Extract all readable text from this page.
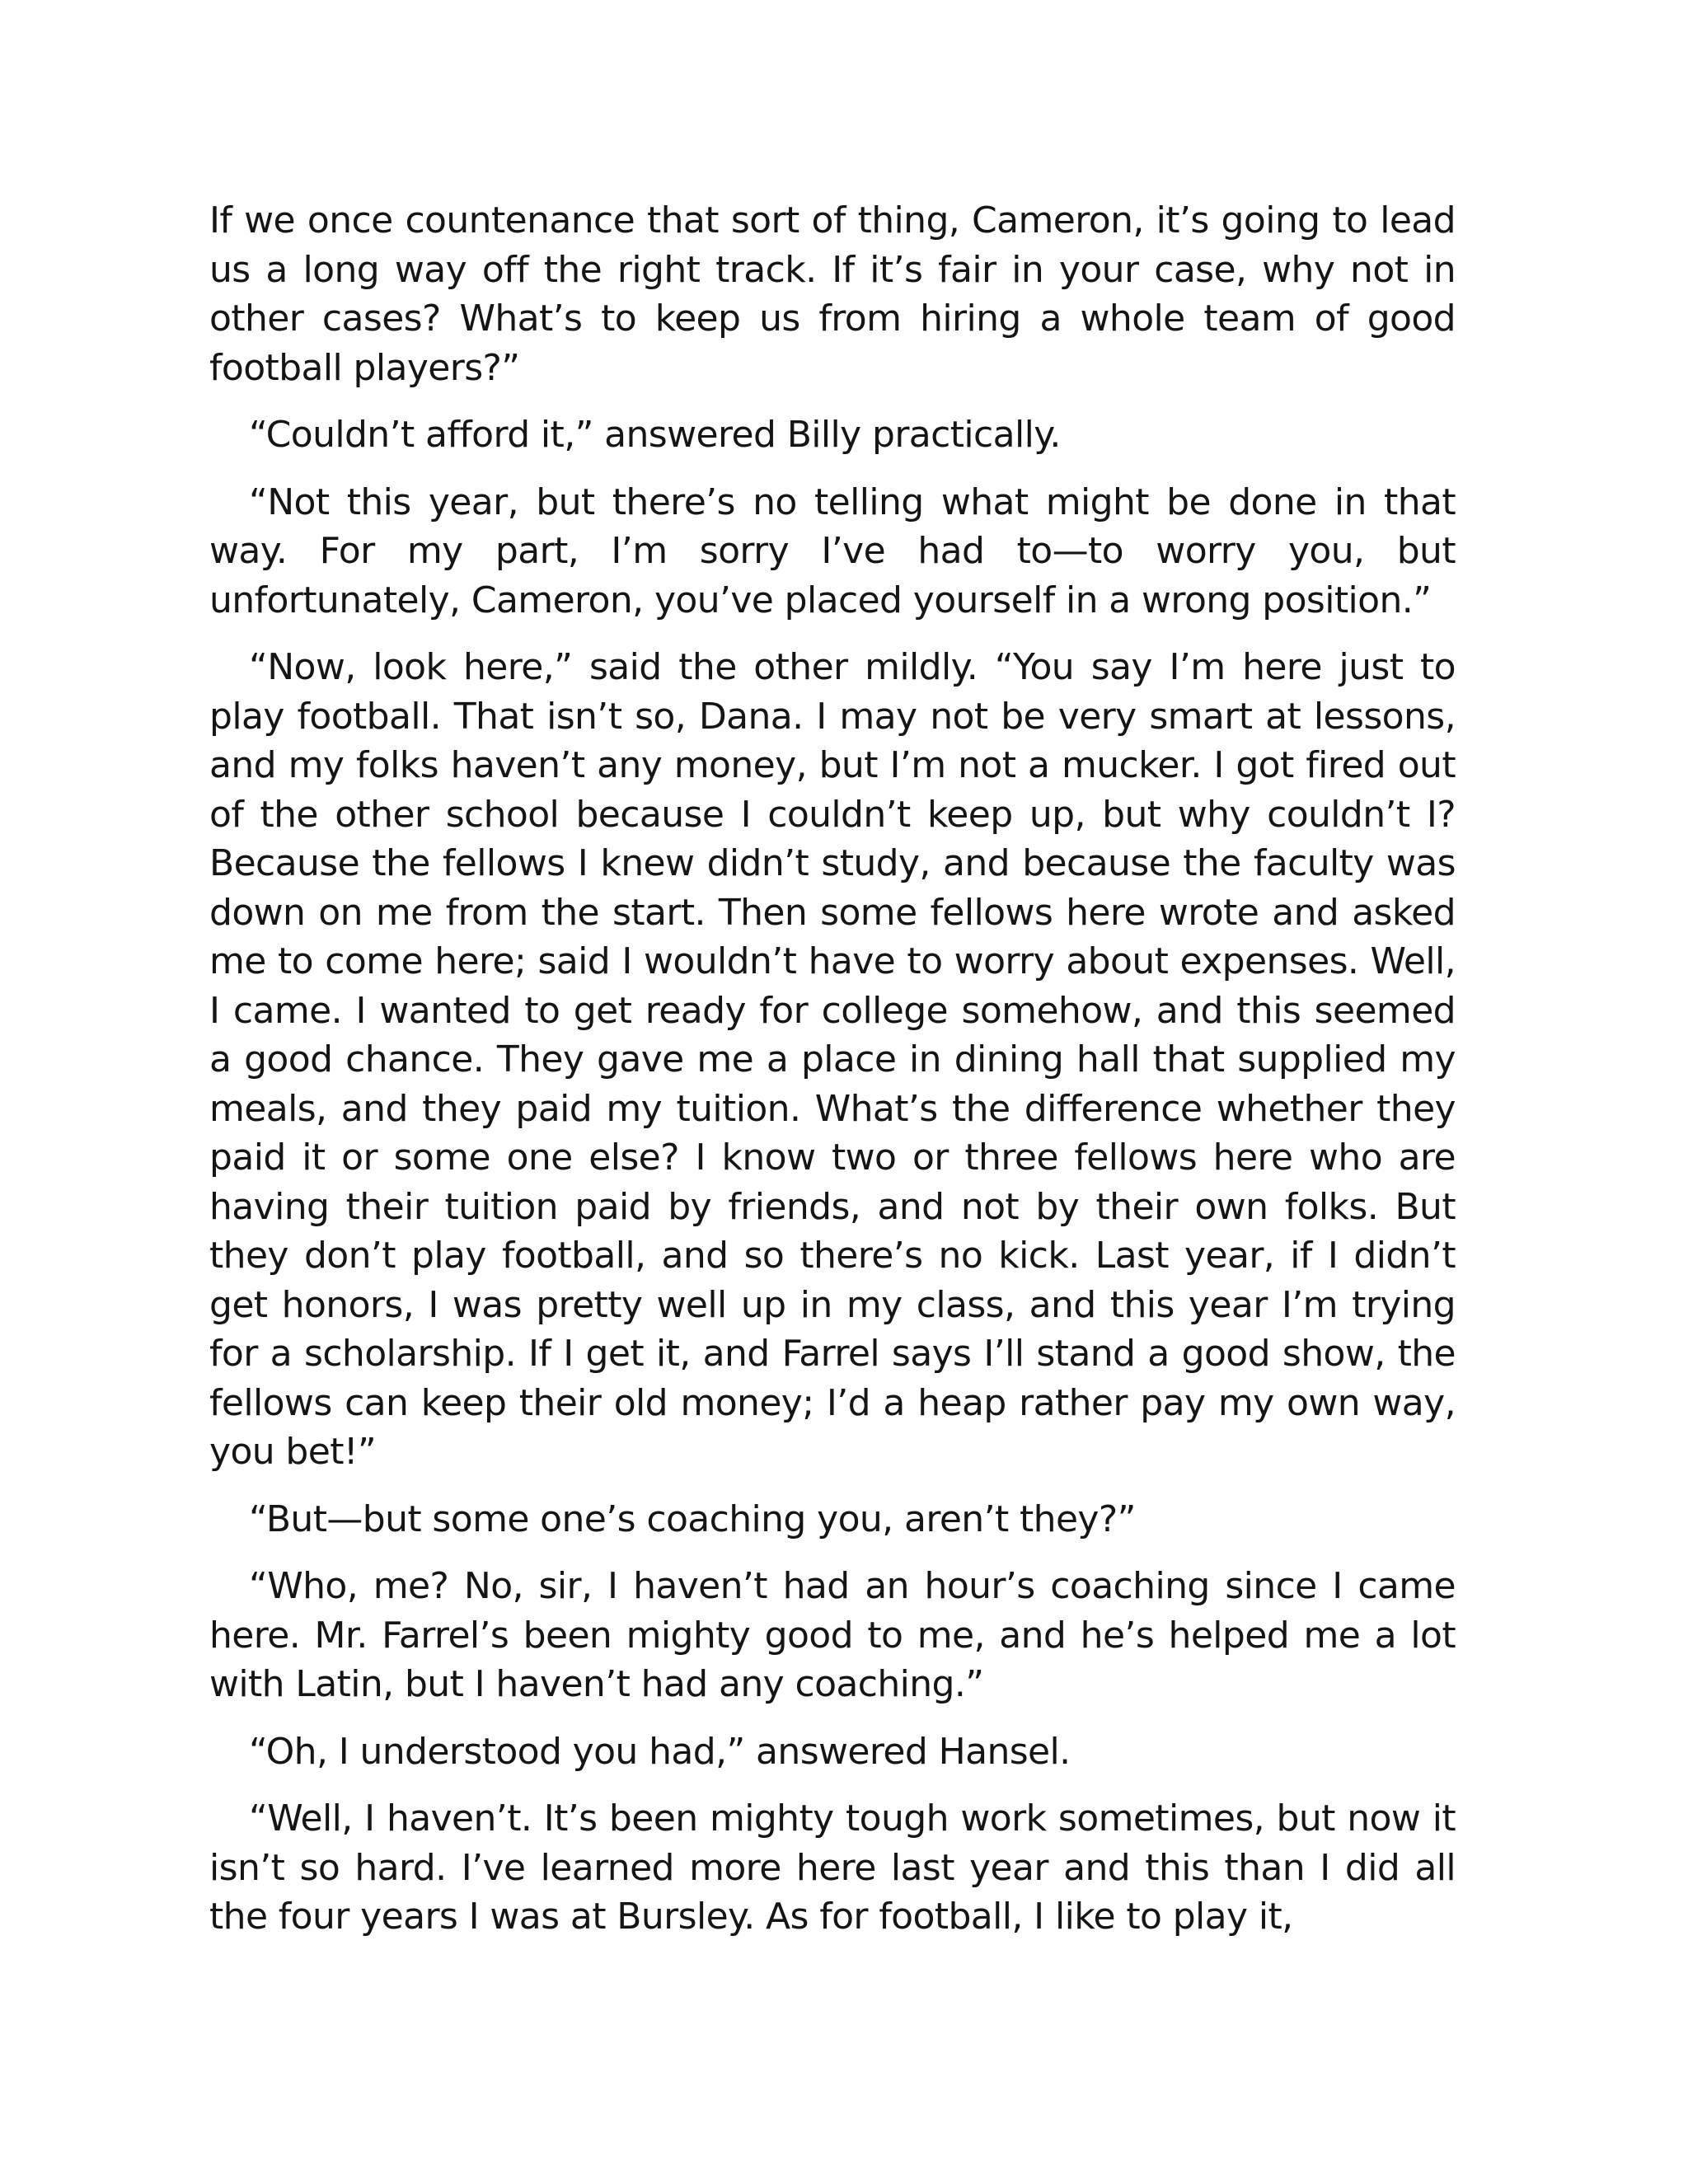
If we once countenance that sort of thing, Cameron, it’s going to lead us a long way off the right track. If it’s fair in your case, why not in other cases? What’s to keep us from hiring a whole team of good football players?”

“Couldn’t afford it,” answered Billy practically.

“Not this year, but there’s no telling what might be done in that way. For my part, I’m sorry I’ve had to—to worry you, but unfortunately, Cameron, you’ve placed yourself in a wrong position.”

“Now, look here,” said the other mildly. “You say I’m here just to play football. That isn’t so, Dana. I may not be very smart at lessons, and my folks haven’t any money, but I’m not a mucker. I got fired out of the other school because I couldn’t keep up, but why couldn’t I? Because the fellows I knew didn’t study, and because the faculty was down on me from the start. Then some fellows here wrote and asked me to come here; said I wouldn’t have to worry about expenses. Well, I came. I wanted to get ready for college somehow, and this seemed a good chance. They gave me a place in dining hall that supplied my meals, and they paid my tuition. What’s the difference whether they paid it or some one else? I know two or three fellows here who are having their tuition paid by friends, and not by their own folks. But they don’t play football, and so there’s no kick. Last year, if I didn’t get honors, I was pretty well up in my class, and this year I’m trying for a scholarship. If I get it, and Farrel says I’ll stand a good show, the fellows can keep their old money; I’d a heap rather pay my own way, you bet!”

“But—but some one’s coaching you, aren’t they?”

“Who, me? No, sir, I haven’t had an hour’s coaching since I came here. Mr. Farrel’s been mighty good to me, and he’s helped me a lot with Latin, but I haven’t had any coaching.”

“Oh, I understood you had,” answered Hansel.

“Well, I haven’t. It’s been mighty tough work sometimes, but now it isn’t so hard. I’ve learned more here last year and this than I did all the four years I was at Bursley. As for football, I like to play it,
